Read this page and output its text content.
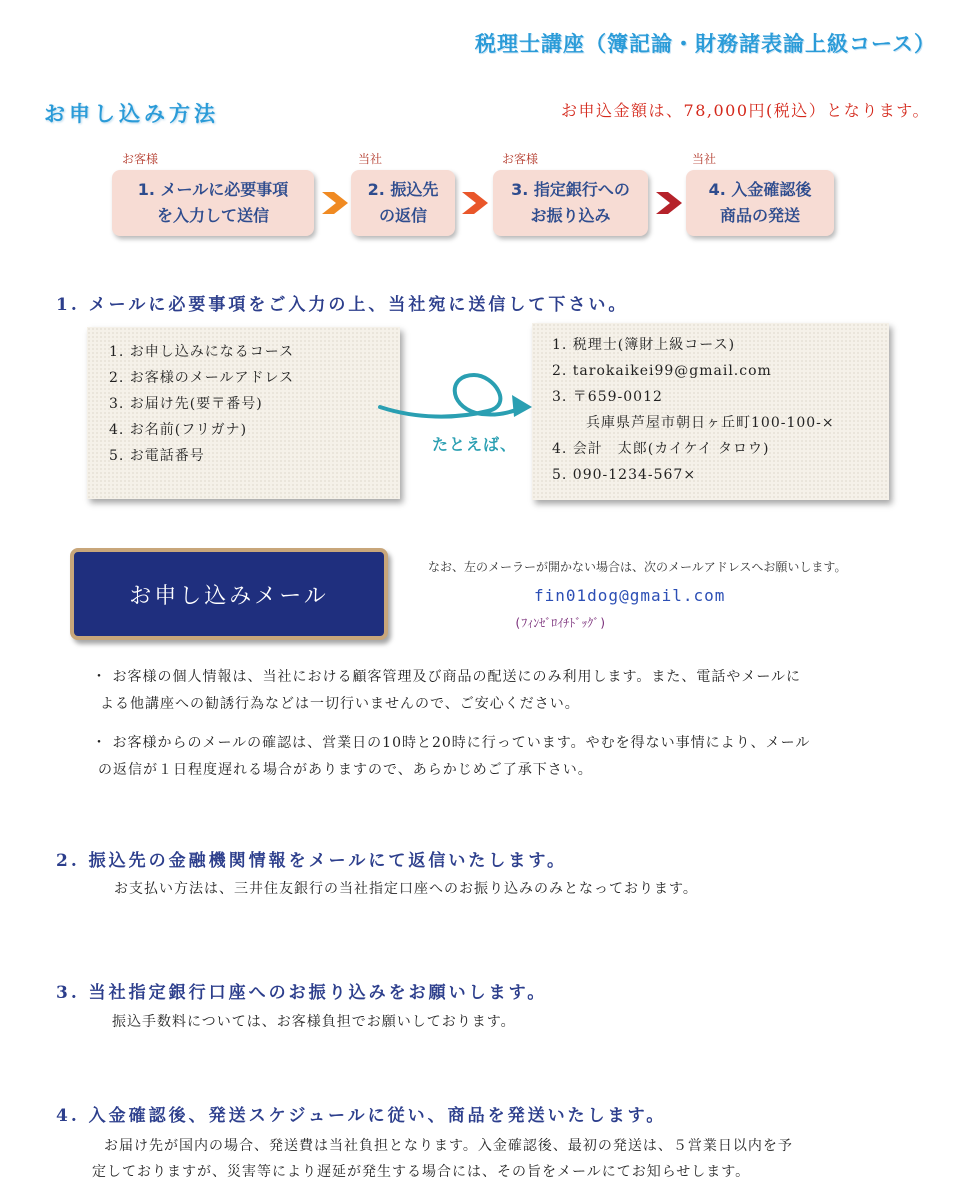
税理士講座（簿記論・財務諸表論上級コース）
お申し込み方法	お申込金額は、78,000円(税込）となります。
お客様
1. メールに必要事項
を入力して送信
当社
2. 振込先
の返信
お客様
3. 指定銀行への
お振り込み
当社
4. 入金確認後
商品の発送
1. メールに必要事項をご入力の上、当社宛に送信して下さい。
1. お申し込みになるコース
2. お客様のメールアドレス
3. お届け先(要〒番号)
4. お名前(フリガナ)
5. お電話番号
たとえば、
1. 税理士(簿財上級コース)
2. tarokaikei99@gmail.com
3. 〒659-0012
兵庫県芦屋市朝日ヶ丘町100-100-×
4. 会計　太郎(カイケイ タロウ)
5. 090-1234-567×
お申し込みメール
なお、左のメーラーが開かない場合は、次のメールアドレスへお願いします。
fin01dog@gmail.com
(ﾌｨﾝｾﾞﾛｲﾁﾄﾞｯｸﾞ)
・ お客様の個人情報は、当社における顧客管理及び商品の配送にのみ利用します。また、電話やメールに
よる他講座への勧誘行為などは一切行いませんので、ご安心ください。
・ お客様からのメールの確認は、営業日の10時と20時に行っています。やむを得ない事情により、メール
の返信が１日程度遅れる場合がありますので、あらかじめご了承下さい。
2. 振込先の金融機関情報をメールにて返信いたします。
お支払い方法は、三井住友銀行の当社指定口座へのお振り込みのみとなっております。
3. 当社指定銀行口座へのお振り込みをお願いします。
振込手数料については、お客様負担でお願いしております。
4. 入金確認後、発送スケジュールに従い、商品を発送いたします。
お届け先が国内の場合、発送費は当社負担となります。入金確認後、最初の発送は、５営業日以内を予
定しておりますが、災害等により遅延が発生する場合には、その旨をメールにてお知らせします。
